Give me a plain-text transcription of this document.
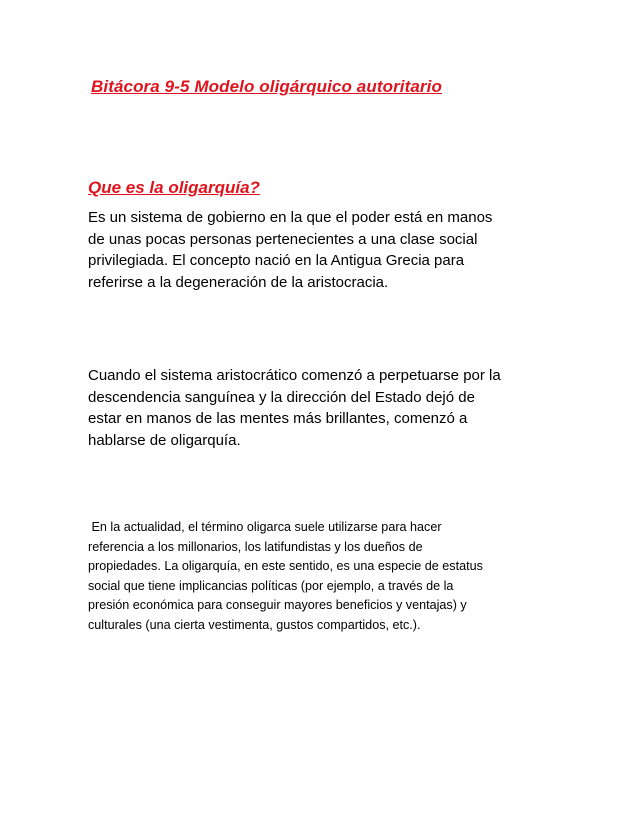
Bitácora 9-5 Modelo oligárquico autoritario
Que es la oligarquía?

Es un sistema de gobierno en la que el poder está en manos
de unas pocas personas pertenecientes a una clase social
privilegiada. El concepto nació en la Antigua Grecia para
referirse a la degeneración de la aristocracia.

Cuando el sistema aristocrático comenzó a perpetuarse por la
descendencia sanguínea y la dirección del Estado dejó de
estar en manos de las mentes más brillantes, comenzó a
hablarse de oligarquía.

En la actualidad, el término oligarca suele utilizarse para hacer
referencia a los millonarios, los latifundistas y los dueños de
propiedades. La oligarquía, en este sentido, es una especie de estatus
social que tiene implicancias políticas (por ejemplo, a través de la
presión económica para conseguir mayores beneficios y ventajas) y
culturales (una cierta vestimenta, gustos compartidos, etc.).
